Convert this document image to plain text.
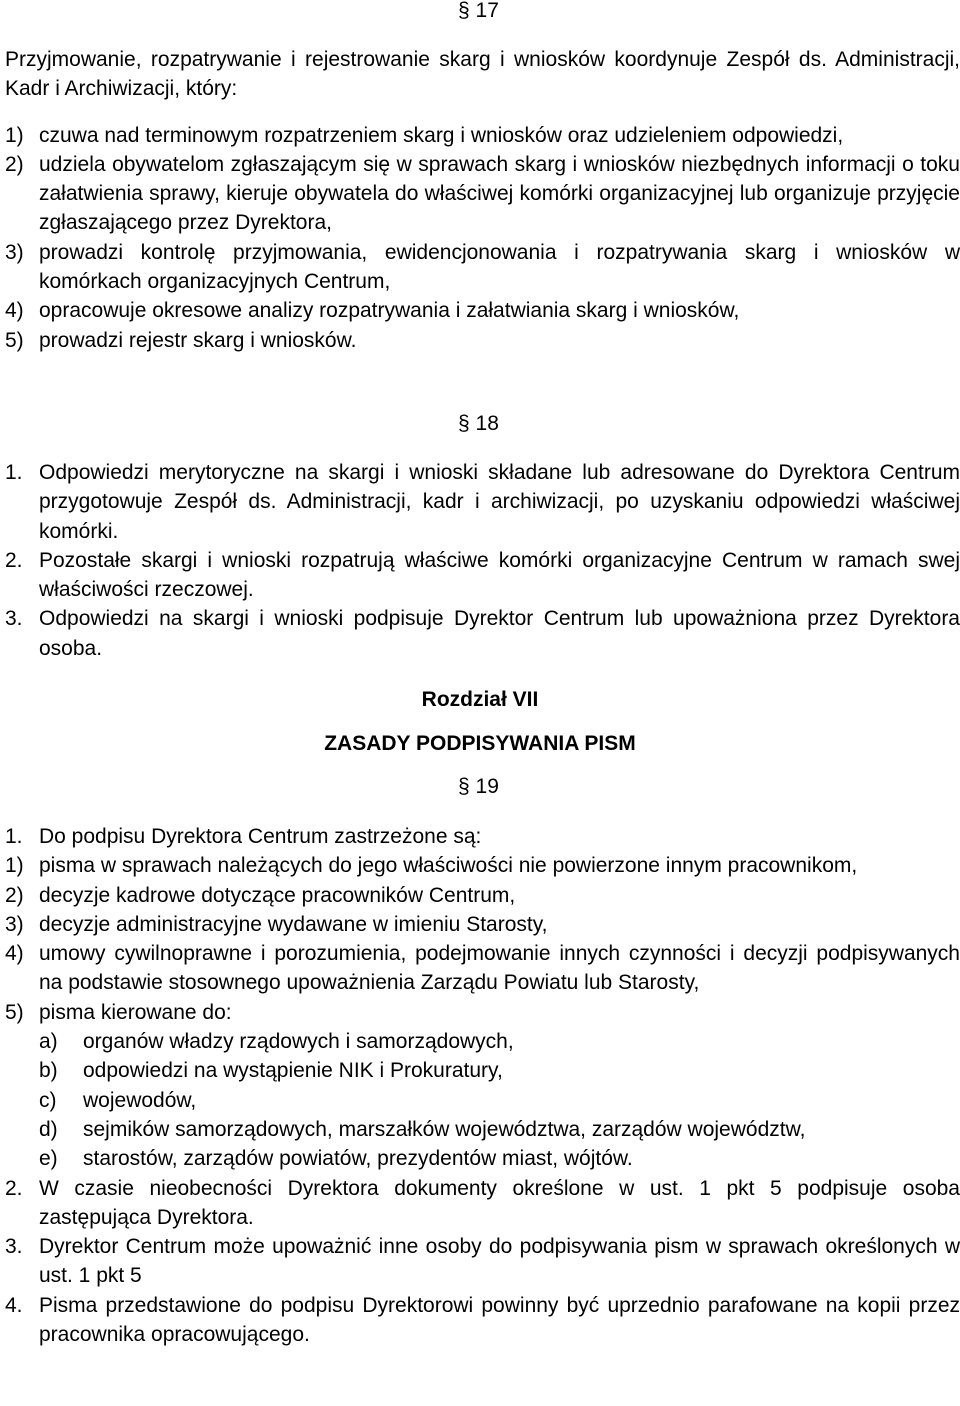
§ 17

Przyjmowanie, rozpatrywanie i rejestrowanie skarg i wniosków koordynuje Zespół ds. Administracji, Kadr i Archiwizacji, który:

1) czuwa nad terminowym rozpatrzeniem skarg i wniosków oraz udzieleniem odpowiedzi,
2) udziela obywatelom zgłaszającym się w sprawach skarg i wniosków niezbędnych informacji o toku załatwienia sprawy, kieruje obywatela do właściwej komórki organizacyjnej lub organizuje przyjęcie zgłaszającego przez Dyrektora,
3) prowadzi kontrolę przyjmowania, ewidencjonowania i rozpatrywania skarg i wniosków w komórkach organizacyjnych Centrum,
4) opracowuje okresowe analizy rozpatrywania i załatwiania skarg i wniosków,
5) prowadzi rejestr skarg i wniosków.
§ 18
1. Odpowiedzi merytoryczne na skargi i wnioski składane lub adresowane do Dyrektora Centrum przygotowuje Zespół ds. Administracji, kadr i archiwizacji, po uzyskaniu odpowiedzi właściwej komórki.
2. Pozostałe skargi i wnioski rozpatrują właściwe komórki organizacyjne Centrum w ramach swej właściwości rzeczowej.
3. Odpowiedzi na skargi i wnioski podpisuje Dyrektor Centrum lub upoważniona przez Dyrektora osoba.
Rozdział VII
ZASADY PODPISYWANIA PISM
§ 19
1. Do podpisu Dyrektora Centrum zastrzeżone są:
1) pisma w sprawach należących do jego właściwości nie powierzone innym pracownikom,
2) decyzje kadrowe dotyczące pracowników Centrum,
3) decyzje administracyjne wydawane w imieniu Starosty,
4) umowy cywilnoprawne i porozumienia, podejmowanie innych czynności i decyzji podpisywanych na podstawie stosownego upoważnienia Zarządu Powiatu lub Starosty,
5) pisma kierowane do:
a) organów władzy rządowych i samorządowych,
b) odpowiedzi na wystąpienie NIK i Prokuratury,
c) wojewodów,
d) sejmików samorządowych, marszałków województwa, zarządów województw,
e) starostów, zarządów powiatów, prezydentów miast, wójtów.
2. W czasie nieobecności Dyrektora dokumenty określone w ust. 1 pkt 5 podpisuje osoba zastępująca Dyrektora.
3. Dyrektor Centrum może upoważnić inne osoby do podpisywania pism w sprawach określonych w ust. 1 pkt 5
4. Pisma przedstawione do podpisu Dyrektorowi powinny być uprzednio parafowane na kopii przez pracownika opracowującego.
